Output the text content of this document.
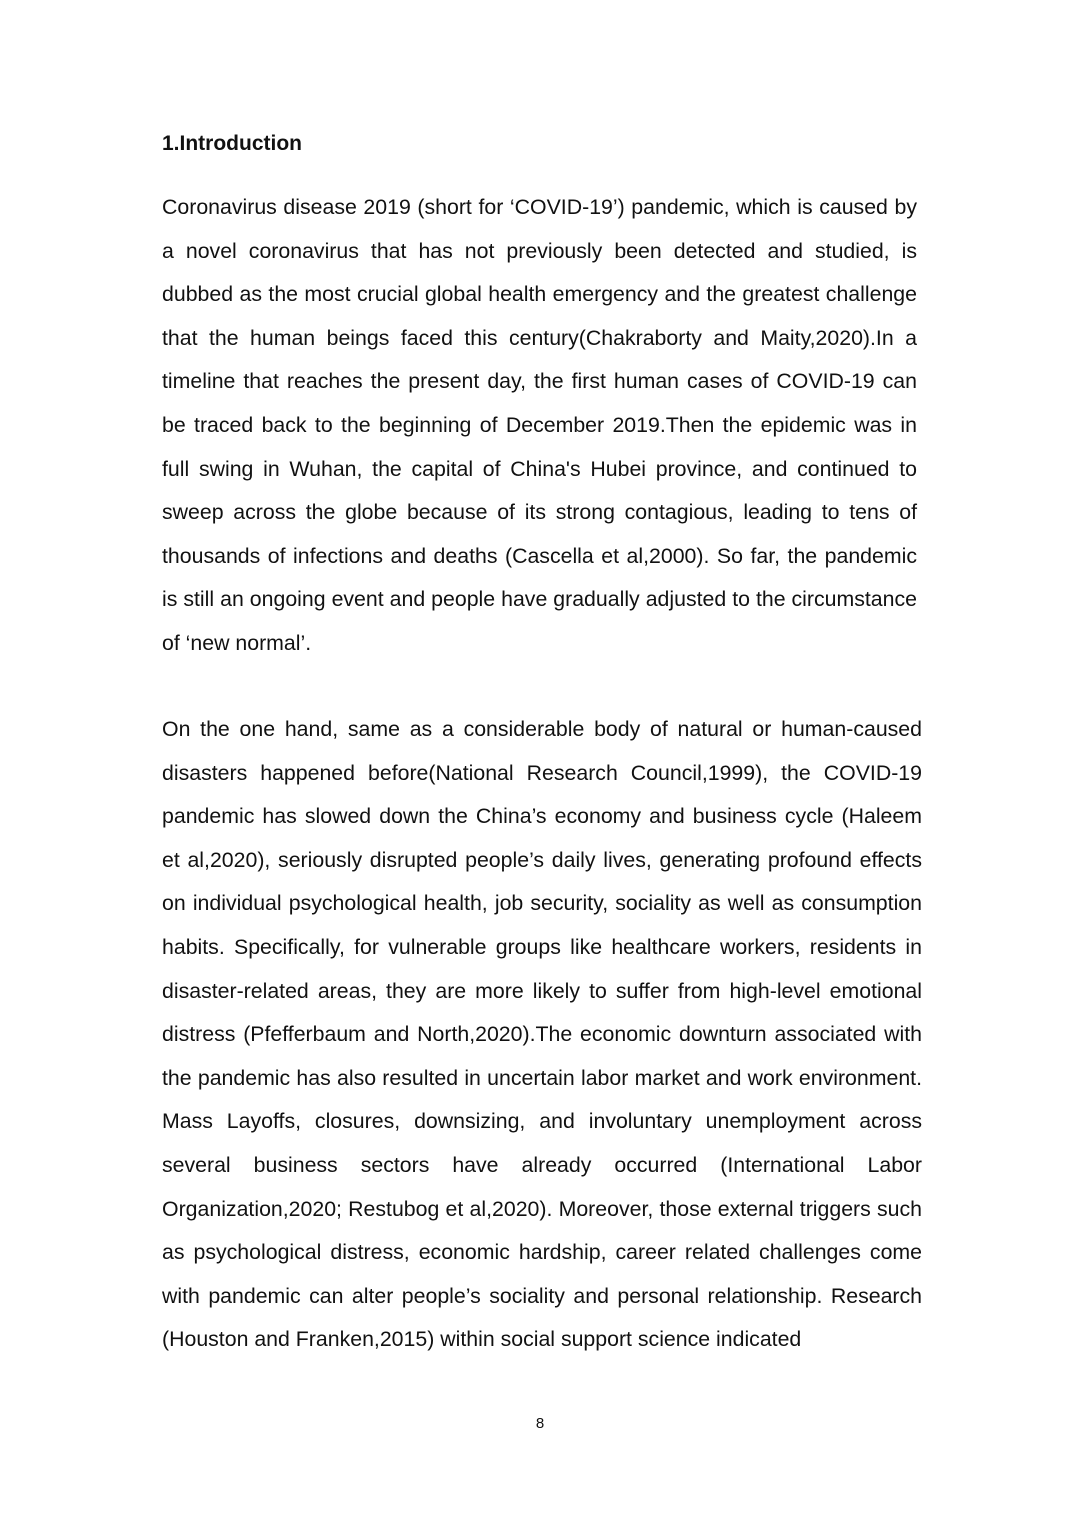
1.Introduction

Coronavirus disease 2019 (short for ‘COVID-19’) pandemic, which is caused by a novel coronavirus that has not previously been detected and studied, is dubbed as the most crucial global health emergency and the greatest challenge that the human beings faced this century(Chakraborty and Maity,2020).In a timeline that reaches the present day, the first human cases of COVID-19 can be traced back to the beginning of December 2019.Then the epidemic was in full swing in Wuhan, the capital of China's Hubei province, and continued to sweep across the globe because of its strong contagious, leading to tens of thousands of infections and deaths (Cascella et al,2000). So far, the pandemic is still an ongoing event and people have gradually adjusted to the circumstance of ‘new normal’.

On the one hand, same as a considerable body of natural or human-caused disasters happened before(National Research Council,1999), the COVID-19 pandemic has slowed down the China’s economy and business cycle (Haleem et al,2020), seriously disrupted people’s daily lives, generating profound effects on individual psychological health, job security, sociality as well as consumption habits. Specifically, for vulnerable groups like healthcare workers, residents in disaster-related areas, they are more likely to suffer from high-level emotional distress (Pfefferbaum and North,2020).The economic downturn associated with the pandemic has also resulted in uncertain labor market and work environment. Mass Layoffs, closures, downsizing, and involuntary unemployment across several business sectors have already occurred (International Labor Organization,2020; Restubog et al,2020). Moreover, those external triggers such as psychological distress, economic hardship, career related challenges come with pandemic can alter people’s sociality and personal relationship. Research (Houston and Franken,2015) within social support science indicated

8
